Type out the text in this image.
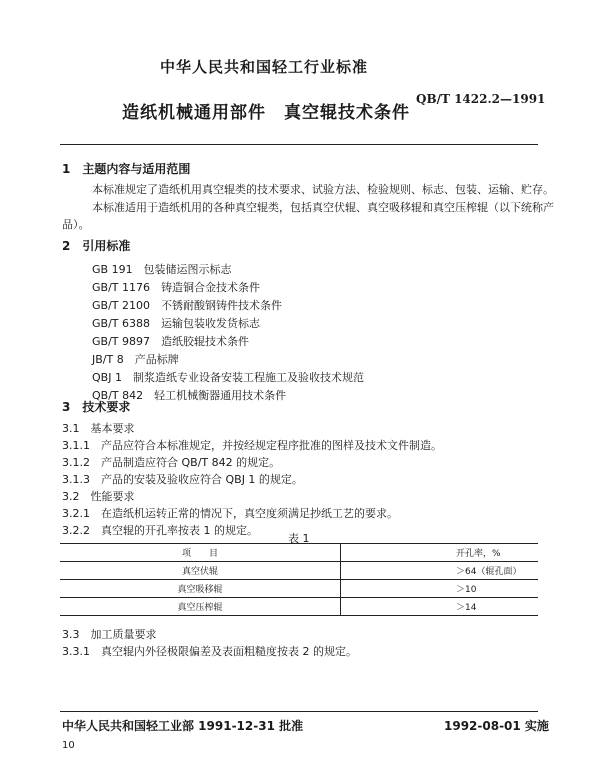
中华人民共和国轻工行业标准
造纸机械通用部件　真空辊技术条件
QB/T 1422.2—1991
1　主题内容与适用范围
本标准规定了造纸机用真空辊类的技术要求、试验方法、检验规则、标志、包装、运输、贮存。
本标准适用于造纸机用的各种真空辊类，包括真空伏辊、真空吸移辊和真空压榨辊（以下统称产
品）。
2　引用标准
GB 191　包装储运图示标志
GB/T 1176　铸造铜合金技术条件
GB/T 2100　不锈耐酸钢铸件技术条件
GB/T 6388　运输包装收发货标志
GB/T 9897　造纸胶辊技术条件
JB/T 8　产品标牌
QBJ 1　制浆造纸专业设备安装工程施工及验收技术规范
QB/T 842　轻工机械衡器通用技术条件
3　技术要求
3.1　基本要求
3.1.1　产品应符合本标准规定，并按经规定程序批准的图样及技术文件制造。
3.1.2　产品制造应符合 QB/T 842 的规定。
3.1.3　产品的安装及验收应符合 QBJ 1 的规定。
3.2　性能要求
3.2.1　在造纸机运转正常的情况下，真空度须满足抄纸工艺的要求。
3.2.2　真空辊的开孔率按表 1 的规定。
表 1
项　　目	开孔率，%
真空伏辊	＞64（辊孔面）
真空吸移辊	＞10
真空压榨辊	＞14
3.3　加工质量要求
3.3.1　真空辊内外径极限偏差及表面粗糙度按表 2 的规定。
中华人民共和国轻工业部 1991-12-31 批准	1992-08-01 实施
10
